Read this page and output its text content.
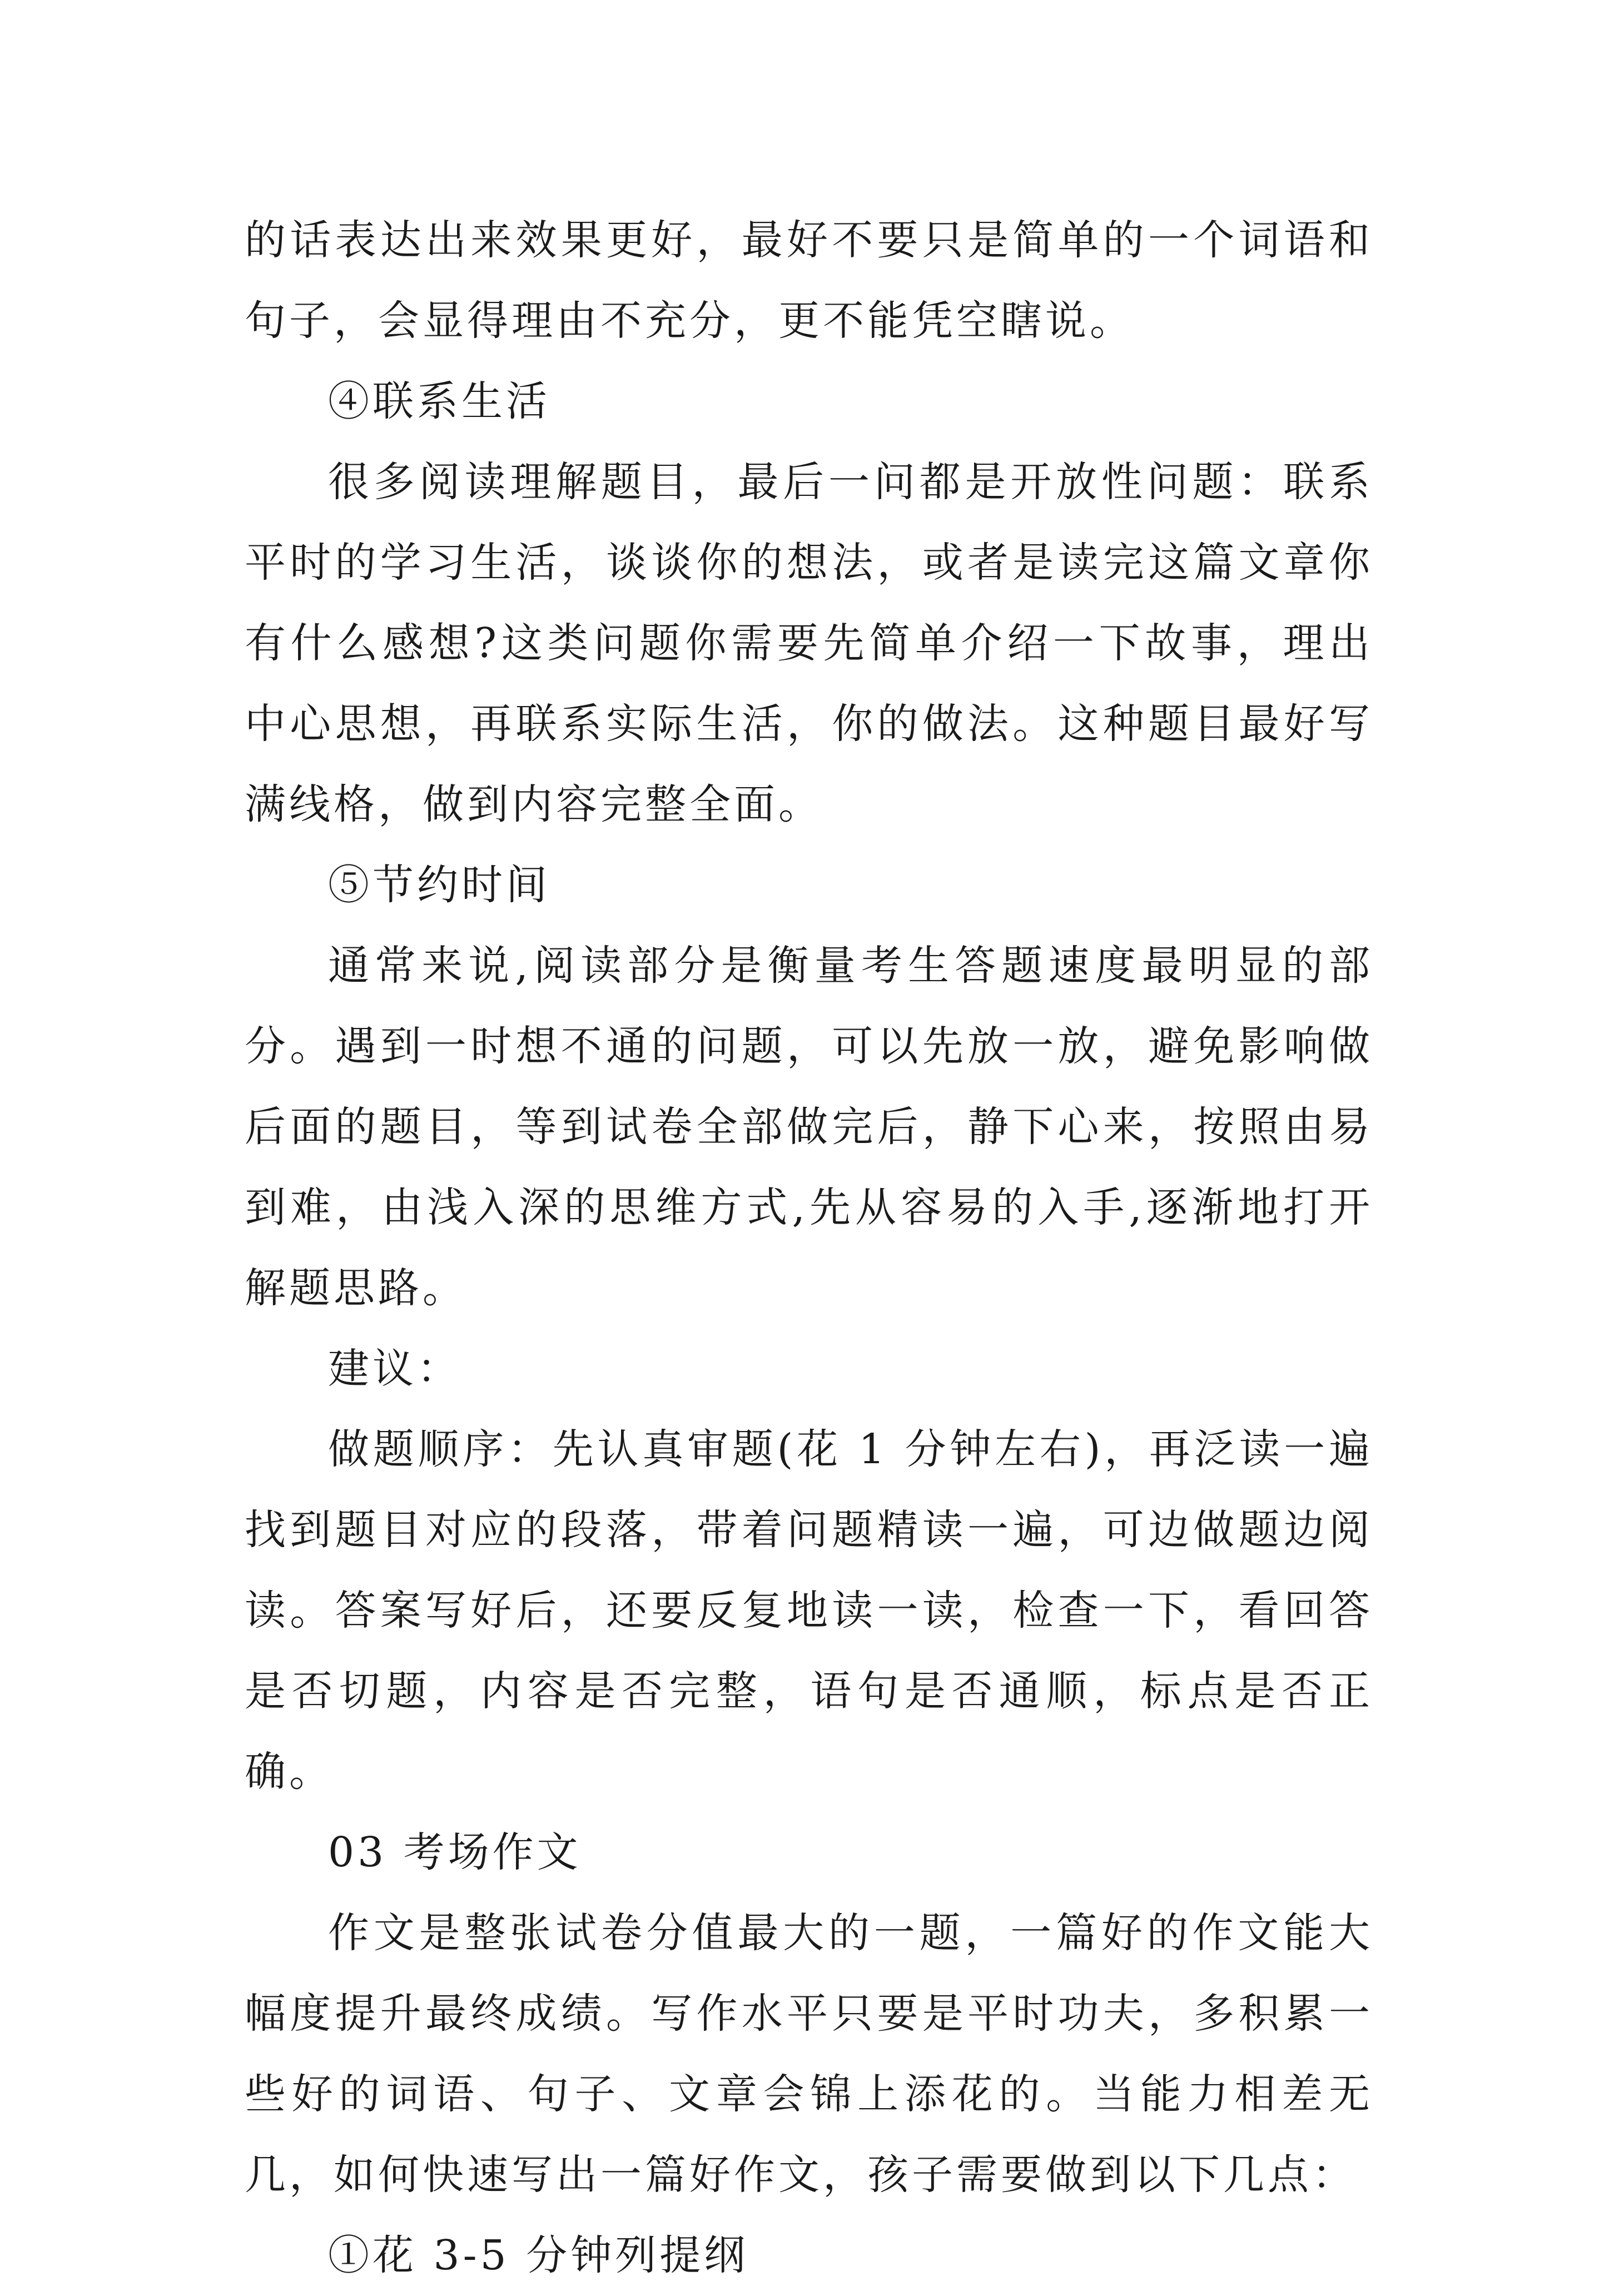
的话表达出来效果更好，最好不要只是简单的一个词语和句子，会显得理由不充分，更不能凭空瞎说。

④联系生活

很多阅读理解题目，最后一问都是开放性问题：联系平时的学习生活，谈谈你的想法，或者是读完这篇文章你有什么感想?这类问题你需要先简单介绍一下故事，理出中心思想，再联系实际生活，你的做法。这种题目最好写满线格，做到内容完整全面。

⑤节约时间

通常来说,阅读部分是衡量考生答题速度最明显的部分。遇到一时想不通的问题，可以先放一放，避免影响做后面的题目，等到试卷全部做完后，静下心来，按照由易到难，由浅入深的思维方式,先从容易的入手,逐渐地打开解题思路。

建议：

做题顺序：先认真审题(花 1 分钟左右)，再泛读一遍找到题目对应的段落，带着问题精读一遍，可边做题边阅读。答案写好后，还要反复地读一读，检查一下，看回答是否切题，内容是否完整，语句是否通顺，标点是否正确。

03 考场作文

作文是整张试卷分值最大的一题，一篇好的作文能大幅度提升最终成绩。写作水平只要是平时功夫，多积累一些好的词语、句子、文章会锦上添花的。当能力相差无几，如何快速写出一篇好作文，孩子需要做到以下几点：

①花 3-5 分钟列提纲
